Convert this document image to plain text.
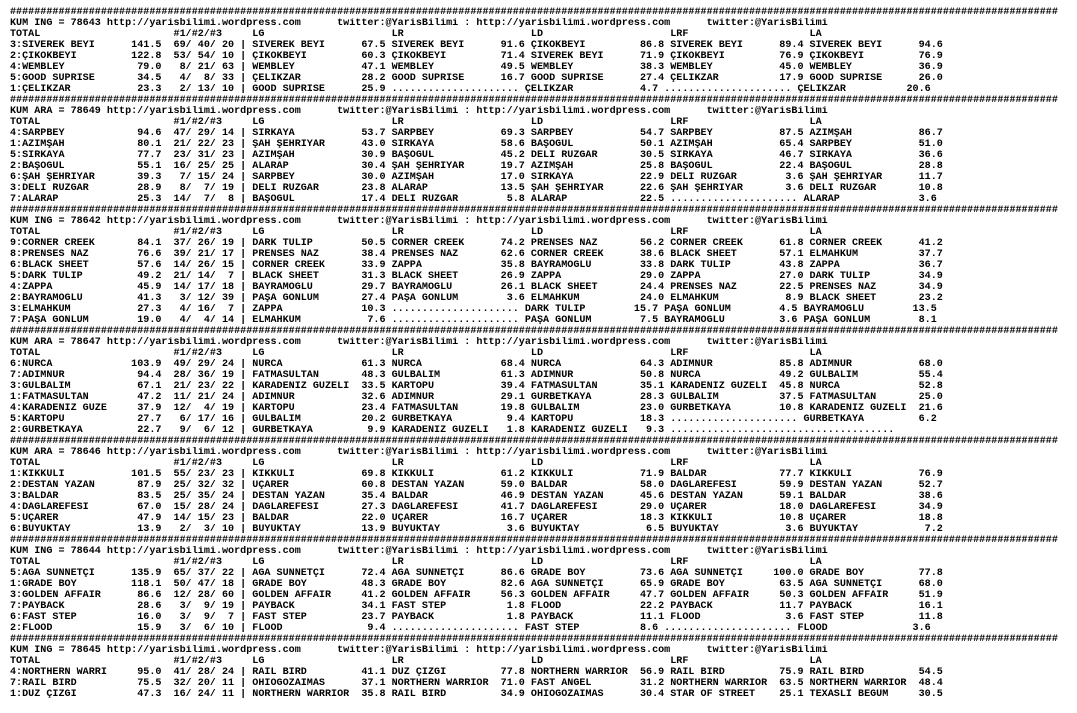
#############################################################################################################################################################################
KUM ING = 78643 http://yarisbilimi.wordpress.com      twitter:@YarisBilimi : http://yarisbilimi.wordpress.com      twitter:@YarisBilimi
TOTAL                      #1/#2/#3     LG                     LR                     LD                     LRF                    LA
3:SİVEREK BEYİ      141.5  69/ 40/ 20 | SİVEREK BEYİ      67.5 SİVEREK BEYİ      91.6 ÇIKOKBEYİ         86.8 SİVEREK BEYİ      89.4 SİVEREK BEYİ      94.6
2:ÇIKOKBEYİ         122.8  53/ 54/ 10 | ÇIKOKBEYİ         60.3 ÇIKOKBEYİ         71.4 SİVEREK BEYİ      71.9 ÇIKOKBEYİ         76.9 ÇIKOKBEYİ         76.9
4:WEMBLEY            79.0   8/ 21/ 63 | WEMBLEY           47.1 WEMBLEY           49.5 WEMBLEY           38.3 WEMBLEY           45.0 WEMBLEY           36.9
5:GOOD SUPRISE       34.5   4/  8/ 33 | ÇELİKZAR          28.2 GOOD SUPRISE      16.7 GOOD SUPRISE      27.4 ÇELİKZAR          17.9 GOOD SUPRISE      26.0
1:ÇELİKZAR           23.3   2/ 13/ 10 | GOOD SUPRISE      25.9 ..................... ÇELİKZAR           4.7 ..................... ÇELİKZAR          20.6
#############################################################################################################################################################################
KUM ARA = 78649 http://yarisbilimi.wordpress.com      twitter:@YarisBilimi : http://yarisbilimi.wordpress.com      twitter:@YarisBilimi
TOTAL                      #1/#2/#3     LG                     LR                     LD                     LRF                    LA
4:SARPBEY            94.6  47/ 29/ 14 | SIRKAYA           53.7 SARPBEY           69.3 SARPBEY           54.7 SARPBEY           87.5 AZİMŞAH           86.7
1:AZİMŞAH            80.1  21/ 22/ 23 | ŞAH ŞEHRİYAR      43.0 SIRKAYA           58.6 BAŞOĞUL           50.1 AZİMŞAH           65.4 SARPBEY           51.0
5:SIRKAYA            77.7  23/ 31/ 23 | AZİMŞAH           30.9 BAŞOĞUL           45.2 DELİ RÜZGAR       30.5 SIRKAYA           46.7 SIRKAYA           36.6
2:BAŞOĞUL            55.1  16/ 25/ 25 | ALARAP            30.4 ŞAH ŞEHRİYAR      19.7 AZİMŞAH           25.8 BAŞOĞUL           22.4 BAŞOĞUL           28.8
6:ŞAH ŞEHRİYAR       39.3   7/ 15/ 24 | SARPBEY           30.0 AZİMŞAH           17.0 SIRKAYA           22.9 DELİ RÜZGAR        3.6 ŞAH ŞEHRİYAR      11.7
3:DELİ RÜZGAR        28.9   8/  7/ 19 | DELİ RÜZGAR       23.8 ALARAP            13.5 ŞAH ŞEHRİYAR      22.6 ŞAH ŞEHRİYAR       3.6 DELİ RÜZGAR       10.8
7:ALARAP             25.3  14/  7/  8 | BAŞOĞUL           17.4 DELİ RÜZGAR        5.8 ALARAP            22.5 ..................... ALARAP             3.6
#############################################################################################################################################################################
KUM ING = 78642 http://yarisbilimi.wordpress.com      twitter:@YarisBilimi : http://yarisbilimi.wordpress.com      twitter:@YarisBilimi
TOTAL                      #1/#2/#3     LG                     LR                     LD                     LRF                    LA
9:CORNER CREEK       84.1  37/ 26/ 19 | DARK TULIP        50.5 CORNER CREEK      74.2 PRENSES NAZ       56.2 CORNER CREEK      61.8 CORNER CREEK      41.2
8:PRENSES NAZ        76.6  39/ 21/ 17 | PRENSES NAZ       38.4 PRENSES NAZ       62.6 CORNER CREEK      38.6 BLACK SHEET       57.1 ELMAHKUM          37.7
6:BLACK SHEET        57.6  14/ 26/ 15 | CORNER CREEK      33.9 ZAPPA             35.8 BAYRAMOĞLU        33.8 DARK TULIP        43.8 ZAPPA             36.7
5:DARK TULIP         49.2  21/ 14/  7 | BLACK SHEET       31.3 BLACK SHEET       26.9 ZAPPA             29.0 ZAPPA             27.0 DARK TULIP        34.9
4:ZAPPA              45.9  14/ 17/ 18 | BAYRAMOĞLU        29.7 BAYRAMOĞLU        26.1 BLACK SHEET       24.4 PRENSES NAZ       22.5 PRENSES NAZ       34.9
2:BAYRAMOĞLU         41.3   3/ 12/ 39 | PAŞA GÖNLÜM       27.4 PAŞA GÖNLÜM        3.6 ELMAHKUM          24.0 ELMAHKUM           8.9 BLACK SHEET       23.2
3:ELMAHKUM           27.3   4/ 16/  7 | ZAPPA             10.3 ..................... DARK TULIP        15.7 PAŞA GÖNLÜM        4.5 BAYRAMOĞLU        13.5
7:PAŞA GÖNLÜM        19.0   4/  4/ 14 | ELMAHKUM           7.6 ..................... PAŞA GÖNLÜM        7.5 BAYRAMOĞLU         3.6 PAŞA GÖNLÜM        8.1
#############################################################################################################################################################################
KUM ARA = 78647 http://yarisbilimi.wordpress.com      twitter:@YarisBilimi : http://yarisbilimi.wordpress.com      twitter:@YarisBilimi
TOTAL                      #1/#2/#3     LG                     LR                     LD                     LRF                    LA
6:NURCA             103.9  49/ 29/ 24 | NURCA             61.3 NURCA             68.4 NURCA             64.3 ADIMNUR           85.8 ADIMNUR           68.0
7:ADIMNUR            94.4  28/ 36/ 19 | FATMASULTAN       48.3 GÜLBALIM          61.3 ADIMNUR           50.8 NURCA             49.2 GÜLBALIM          55.4
3:GÜLBALIM           67.1  21/ 23/ 22 | KARADENİZ GÜZELİ  33.5 KARTOPU           39.4 FATMASULTAN       35.1 KARADENİZ GÜZELİ  45.8 NURCA             52.8
1:FATMASULTAN        47.2  11/ 21/ 24 | ADIMNUR           32.6 ADIMNUR           29.1 GURBETKAYA        28.3 GÜLBALIM          37.5 FATMASULTAN       25.0
4:KARADENİZ GÜZE     37.9  12/  4/ 19 | KARTOPU           23.4 FATMASULTAN       19.8 GÜLBALIM          23.0 GURBETKAYA        10.8 KARADENİZ GÜZELİ  21.6
5:KARTOPU            27.7   6/ 17/ 16 | GÜLBALIM          20.2 GURBETKAYA         9.4 KARTOPU           18.3 ..................... GURBETKAYA         6.2
2:GURBETKAYA         22.7   9/  6/ 12 | GURBETKAYA         9.9 KARADENİZ GÜZELİ   1.8 KARADENİZ GÜZELİ   9.3 .....................................
#############################################################################################################################################################################
KUM ARA = 78646 http://yarisbilimi.wordpress.com      twitter:@YarisBilimi : http://yarisbilimi.wordpress.com      twitter:@YarisBilimi
TOTAL                      #1/#2/#3     LG                     LR                     LD                     LRF                    LA
1:KIKKULİ           101.5  55/ 23/ 23 | KIKKULİ           69.8 KIKKULİ           61.2 KIKKULİ           71.9 BALDAR            77.7 KIKKULİ           76.9
2:DESTAN YAZAN       87.9  25/ 32/ 32 | UÇARER            60.8 DESTAN YAZAN      59.0 BALDAR            58.0 DAĞLAREFESİ       59.9 DESTAN YAZAN      52.7
3:BALDAR             83.5  25/ 35/ 24 | DESTAN YAZAN      35.4 BALDAR            46.9 DESTAN YAZAN      45.6 DESTAN YAZAN      59.1 BALDAR            38.6
4:DAĞLAREFESİ        67.0  15/ 28/ 24 | DAĞLAREFESİ       27.3 DAĞLAREFESİ       41.7 DAĞLAREFESİ       29.0 UÇARER            18.0 DAĞLAREFESİ       34.9
5:UÇARER             47.9  14/ 15/ 23 | BALDAR            22.0 UÇARER            16.7 UÇARER            18.3 KIKKULİ           10.8 UÇARER            18.8
6:BÜYÜKTAY           13.9   2/  3/ 10 | BÜYÜKTAY          13.9 BÜYÜKTAY           3.6 BÜYÜKTAY           6.5 BÜYÜKTAY           3.6 BÜYÜKTAY           7.2
#############################################################################################################################################################################
KUM ING = 78644 http://yarisbilimi.wordpress.com      twitter:@YarisBilimi : http://yarisbilimi.wordpress.com      twitter:@YarisBilimi
TOTAL                      #1/#2/#3     LG                     LR                     LD                     LRF                    LA
5:AĞA SÜNNETÇİ      135.9  65/ 37/ 22 | AĞA SÜNNETÇİ      72.4 AĞA SÜNNETÇİ      86.6 GRADE BOY         73.6 AĞA SÜNNETÇİ     100.0 GRADE BOY         77.8
1:GRADE BOY         118.1  50/ 47/ 18 | GRADE BOY         48.3 GRADE BOY         82.6 AĞA SÜNNETÇİ      65.9 GRADE BOY         63.5 AĞA SÜNNETÇİ      68.0
3:GOLDEN AFFAIR      86.6  12/ 28/ 60 | GOLDEN AFFAIR     41.2 GOLDEN AFFAIR     56.3 GOLDEN AFFAIR     47.7 GOLDEN AFFAIR     50.3 GOLDEN AFFAIR     51.9
7:PAYBACK            28.6   3/  9/ 19 | PAYBACK           34.1 FAST STEP          1.8 FLOOD             22.2 PAYBACK           11.7 PAYBACK           16.1
6:FAST STEP          16.0   3/  9/  7 | FAST STEP         23.7 PAYBACK            1.8 PAYBACK           11.1 FLOOD              3.6 FAST STEP         11.8
2:FLOOD              15.9   3/  6/ 10 | FLOOD              9.4 ..................... FAST STEP          8.6 ..................... FLOOD              3.6
#############################################################################################################################################################################
KUM ING = 78645 http://yarisbilimi.wordpress.com      twitter:@YarisBilimi : http://yarisbilimi.wordpress.com      twitter:@YarisBilimi
TOTAL                      #1/#2/#3     LG                     LR                     LD                     LRF                    LA
4:NORTHERN WARRI     95.0  41/ 28/ 24 | RAIL BIRD         41.1 DÜZ ÇİZGİ         77.8 NORTHERN WARRIOR  56.9 RAIL BIRD         75.9 RAIL BIRD         54.5
7:RAIL BIRD          75.5  32/ 20/ 11 | OHIOGOZAIMAS      37.1 NORTHERN WARRIOR  71.0 FAST ANGEL        31.2 NORTHERN WARRIOR  63.5 NORTHERN WARRIOR  48.4
1:DÜZ ÇİZGİ          47.3  16/ 24/ 11 | NORTHERN WARRIOR  35.8 RAIL BIRD         34.9 OHIOGOZAIMAS      30.4 STAR OF STREET    25.1 TEXASLI BEGÜM     30.5
